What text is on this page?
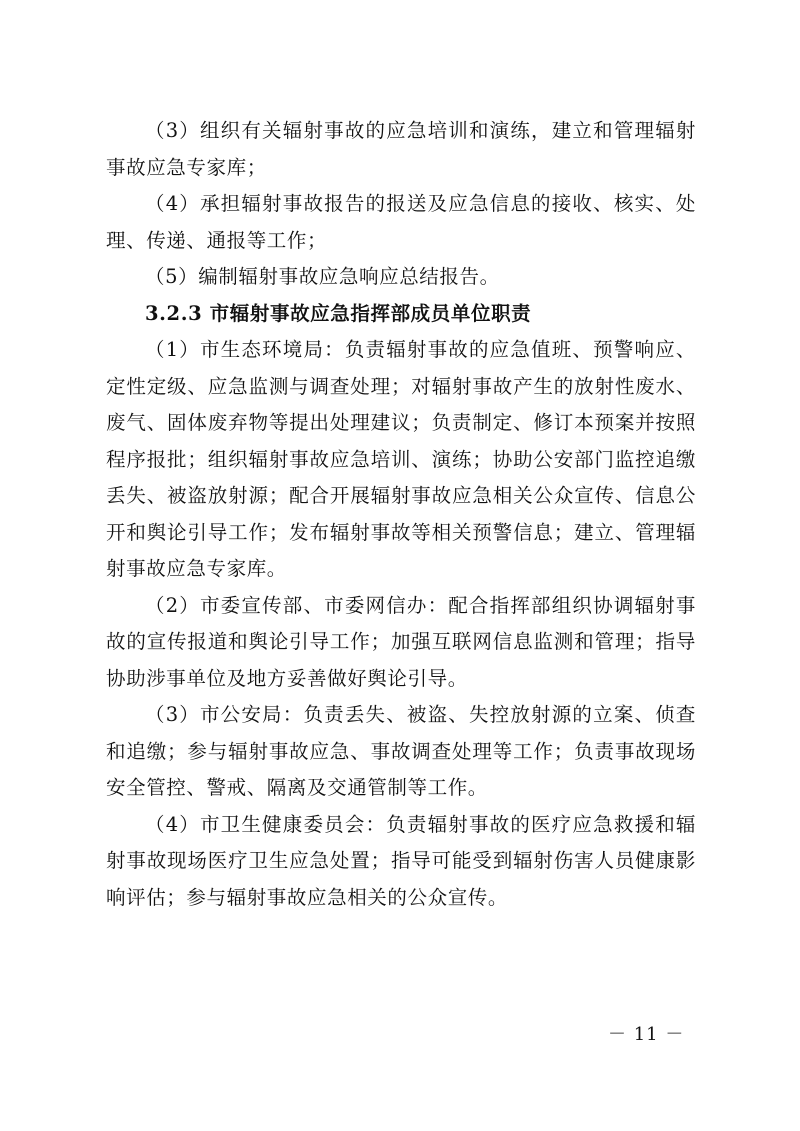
（3）组织有关辐射事故的应急培训和演练，建立和管理辐射事故应急专家库；

（4）承担辐射事故报告的报送及应急信息的接收、核实、处理、传递、通报等工作；

（5）编制辐射事故应急响应总结报告。

3.2.3 市辐射事故应急指挥部成员单位职责

（1）市生态环境局：负责辐射事故的应急值班、预警响应、定性定级、应急监测与调查处理；对辐射事故产生的放射性废水、废气、固体废弃物等提出处理建议；负责制定、修订本预案并按照程序报批；组织辐射事故应急培训、演练；协助公安部门监控追缴丢失、被盗放射源；配合开展辐射事故应急相关公众宣传、信息公开和舆论引导工作；发布辐射事故等相关预警信息；建立、管理辐射事故应急专家库。

（2）市委宣传部、市委网信办：配合指挥部组织协调辐射事故的宣传报道和舆论引导工作；加强互联网信息监测和管理；指导协助涉事单位及地方妥善做好舆论引导。

（3）市公安局：负责丢失、被盗、失控放射源的立案、侦查和追缴；参与辐射事故应急、事故调查处理等工作；负责事故现场安全管控、警戒、隔离及交通管制等工作。

（4）市卫生健康委员会：负责辐射事故的医疗应急救援和辐射事故现场医疗卫生应急处置；指导可能受到辐射伤害人员健康影响评估；参与辐射事故应急相关的公众宣传。

－ 11 －
